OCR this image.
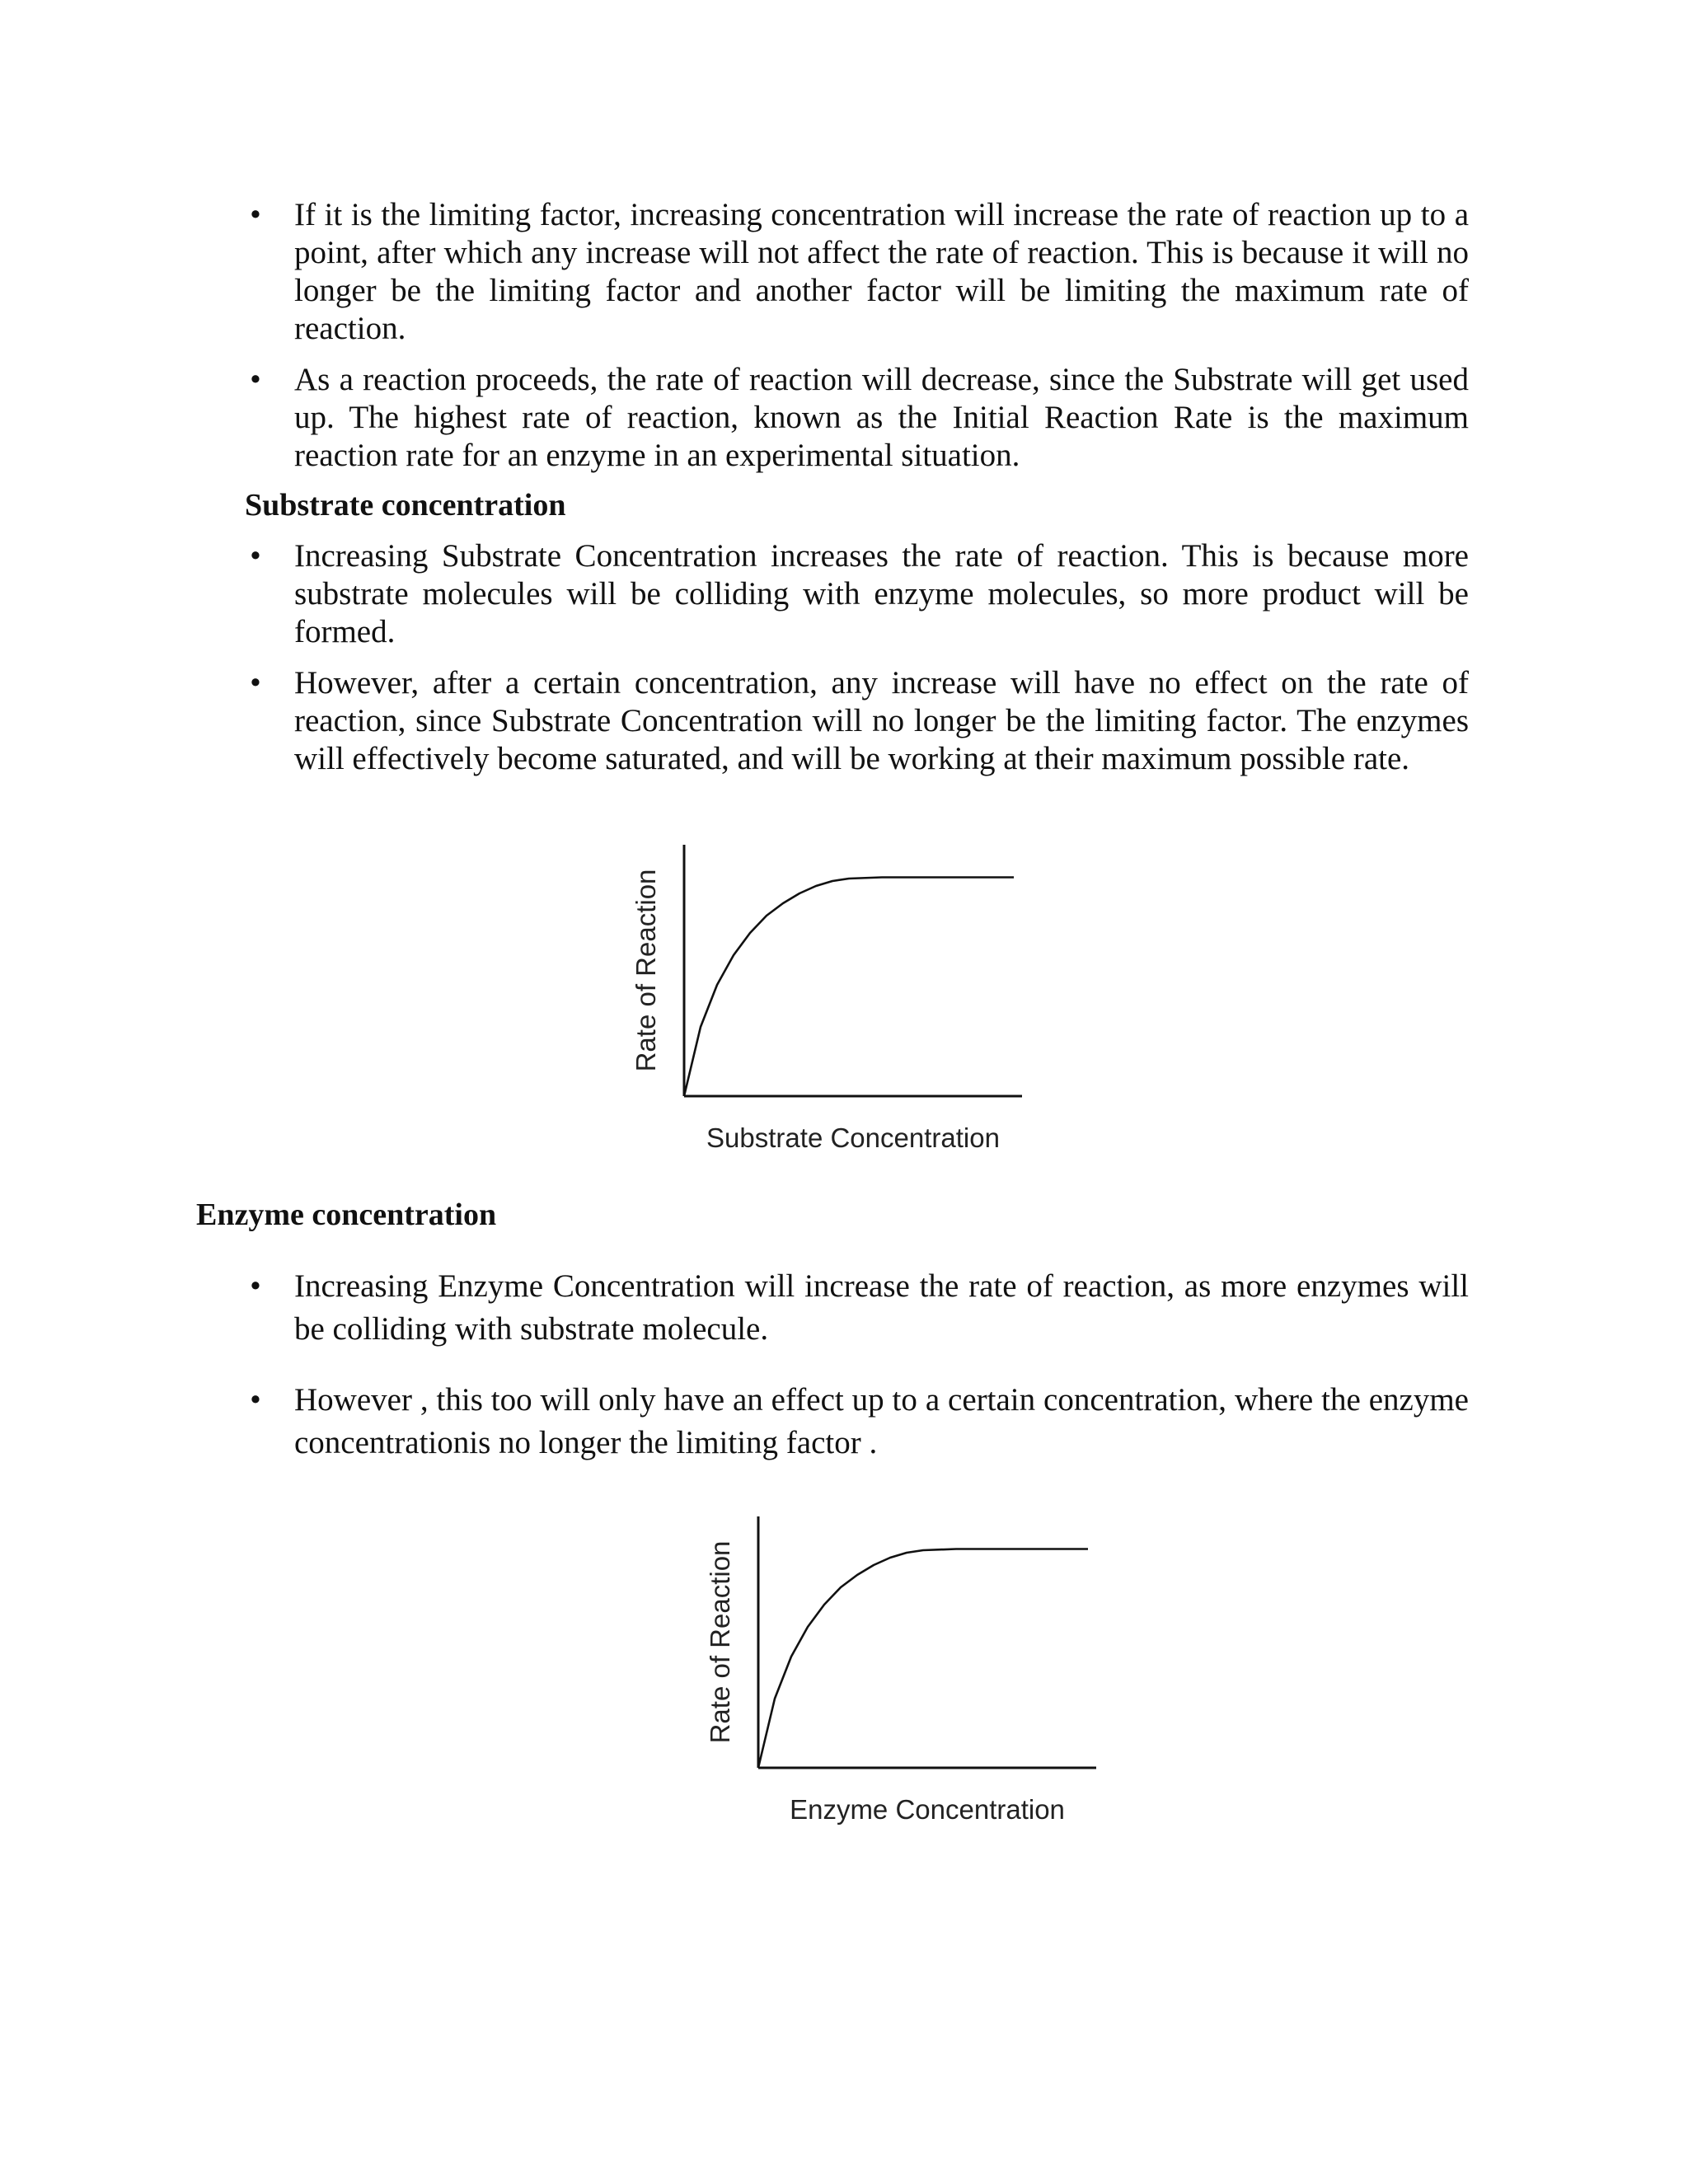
• If it is the limiting factor, increasing concentration will increase the rate of reaction up to a point, after which any increase will not affect the rate of reaction. This is because it will no longer be the limiting factor and another factor will be limiting the maximum rate of reaction.
• As a reaction proceeds, the rate of reaction will decrease, since the Substrate will get used up. The highest rate of reaction, known as the Initial Reaction Rate is the maximum reaction rate for an enzyme in an experimental situation.
Substrate concentration
• Increasing Substrate Concentration increases the rate of reaction. This is because more substrate molecules will be colliding with enzyme molecules, so more product will be formed.
• However, after a certain concentration, any increase will have no effect on the rate of reaction, since Substrate Concentration will no longer be the limiting factor. The enzymes will effectively become saturated, and will be working at their maximum possible rate.
Rate of Reaction
Substrate Concentration
Enzyme concentration
• Increasing Enzyme Concentration will increase the rate of reaction, as more enzymes will be colliding with substrate molecule.
• However , this too will only have an effect up to a certain concentration, where the enzyme concentrationis no longer the limiting factor .
Rate of Reaction
Enzyme Concentration
